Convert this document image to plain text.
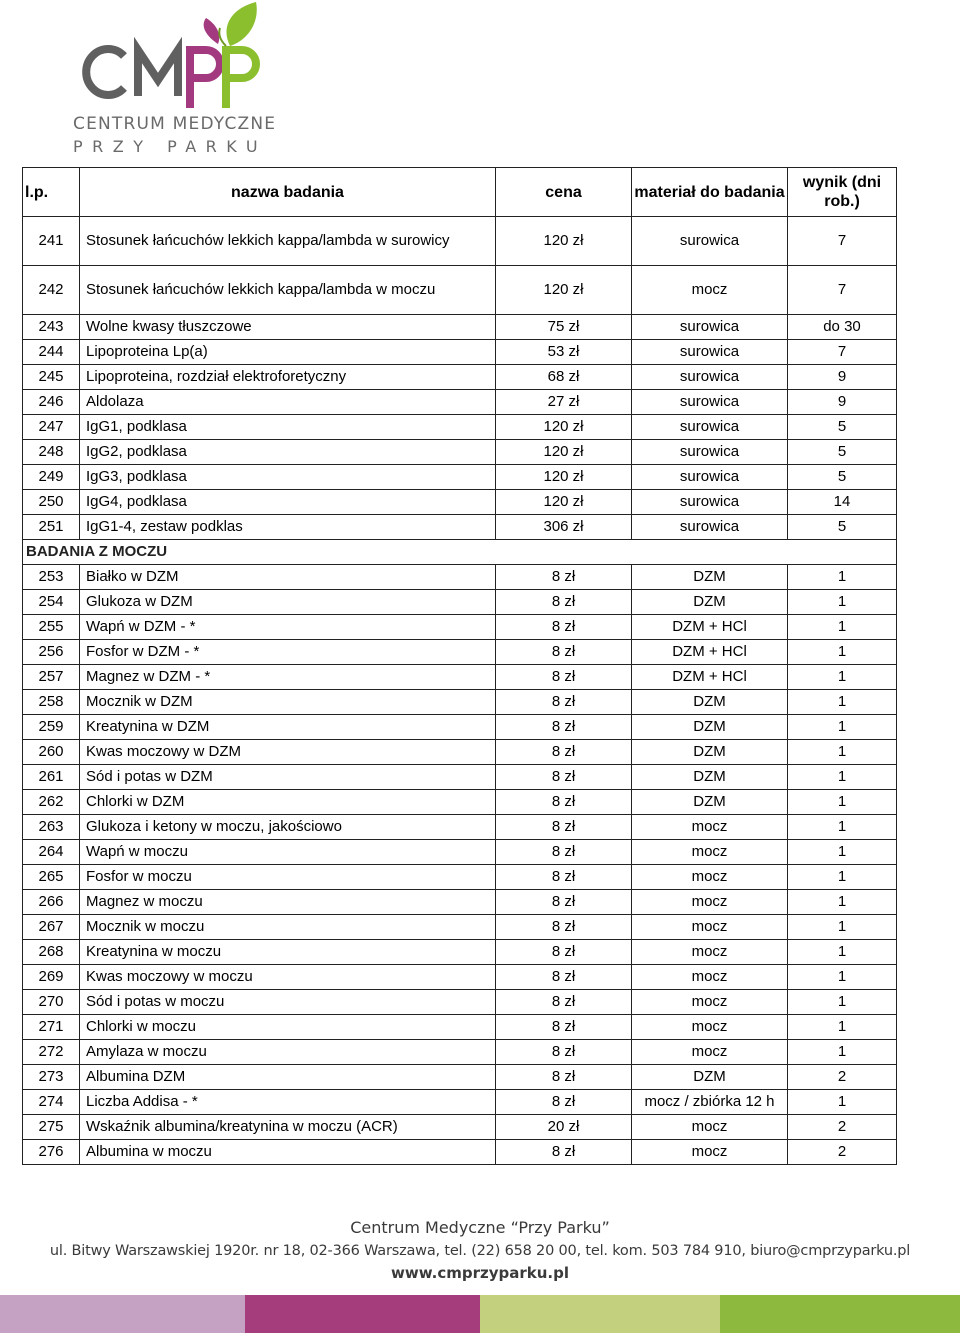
CENTRUM MEDYCZNE
PRZY PARKU
l.p.	nazwa badania	cena	materiał do badania	wynik (dni rob.)
241	Stosunek łańcuchów lekkich kappa/lambda w surowicy	120 zł	surowica	7
242	Stosunek łańcuchów lekkich kappa/lambda w moczu	120 zł	mocz	7
243	Wolne kwasy tłuszczowe	75 zł	surowica	do 30
244	Lipoproteina Lp(a)	53 zł	surowica	7
245	Lipoproteina, rozdział elektroforetyczny	68 zł	surowica	9
246	Aldolaza	27 zł	surowica	9
247	IgG1, podklasa	120 zł	surowica	5
248	IgG2, podklasa	120 zł	surowica	5
249	IgG3, podklasa	120 zł	surowica	5
250	IgG4, podklasa	120 zł	surowica	14
251	IgG1-4, zestaw podklas	306 zł	surowica	5
BADANIA Z MOCZU				
253	Białko w DZM	8 zł	DZM	1
254	Glukoza w DZM	8 zł	DZM	1
255	Wapń w DZM - *	8 zł	DZM + HCl	1
256	Fosfor w DZM - *	8 zł	DZM + HCl	1
257	Magnez w DZM - *	8 zł	DZM + HCl	1
258	Mocznik w DZM	8 zł	DZM	1
259	Kreatynina w DZM	8 zł	DZM	1
260	Kwas moczowy w DZM	8 zł	DZM	1
261	Sód i potas w DZM	8 zł	DZM	1
262	Chlorki w DZM	8 zł	DZM	1
263	Glukoza i ketony w moczu, jakościowo	8 zł	mocz	1
264	Wapń w moczu	8 zł	mocz	1
265	Fosfor w moczu	8 zł	mocz	1
266	Magnez w moczu	8 zł	mocz	1
267	Mocznik w moczu	8 zł	mocz	1
268	Kreatynina w moczu	8 zł	mocz	1
269	Kwas moczowy w moczu	8 zł	mocz	1
270	Sód i potas w moczu	8 zł	mocz	1
271	Chlorki w moczu	8 zł	mocz	1
272	Amylaza w moczu	8 zł	mocz	1
273	Albumina DZM	8 zł	DZM	2
274	Liczba Addisa - *	8 zł	mocz / zbiórka 12 h	1
275	Wskaźnik albumina/kreatynina w moczu (ACR)	20 zł	mocz	2
276	Albumina w moczu	8 zł	mocz	2
Centrum Medyczne “Przy Parku”
ul. Bitwy Warszawskiej 1920r. nr 18, 02-366 Warszawa, tel. (22) 658 20 00, tel. kom. 503 784 910, biuro@cmprzyparku.pl
www.cmprzyparku.pl
